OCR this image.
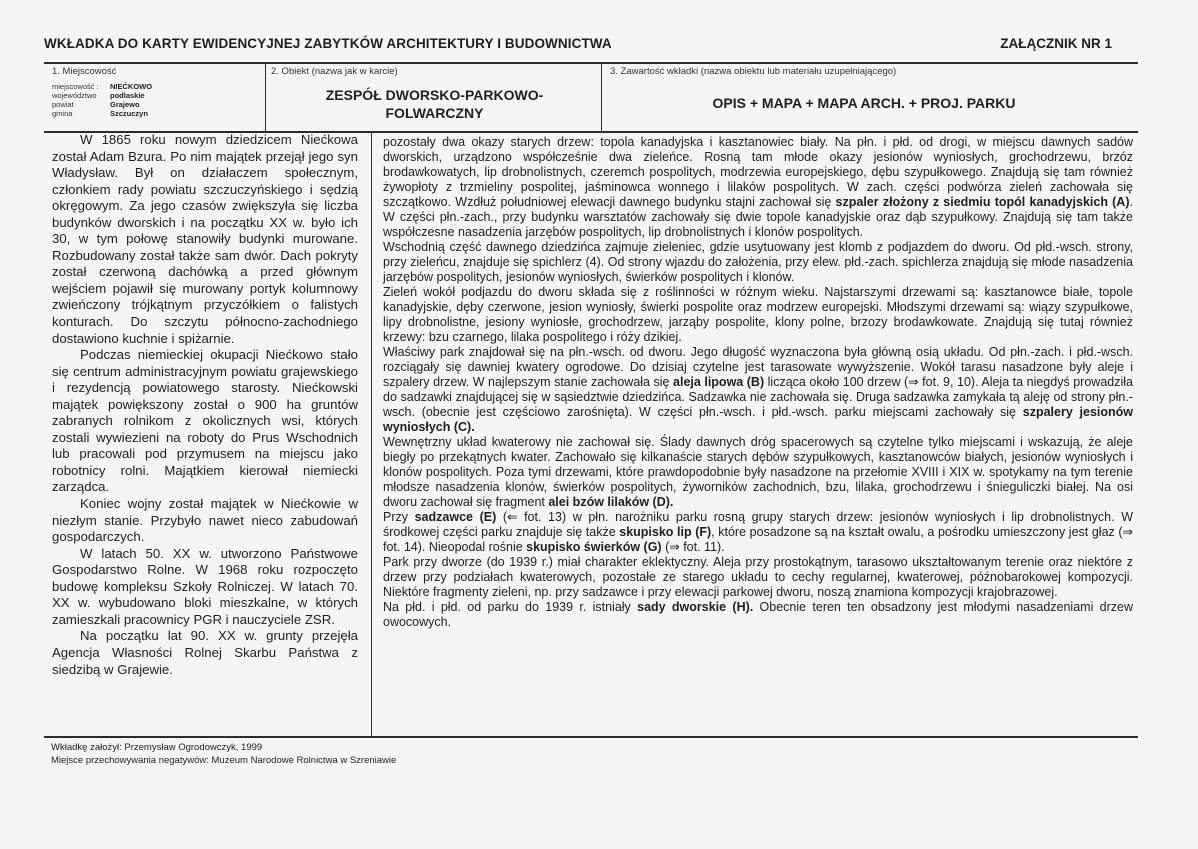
WKŁADKA DO KARTY EWIDENCYJNEJ ZABYTKÓW ARCHITEKTURY I BUDOWNICTWA	ZAŁĄCZNIK NR 1
1. Miejscowość
miejscowość :	NIEĆKOWO
województwo	podlaskie
powiat	Grajewo
gmina	Szczuczyn
2. Obiekt (nazwa jak w karcie)
ZESPÓŁ DWORSKO-PARKOWO-
FOLWARCZNY
3. Zawartość wkładki (nazwa obiektu lub materiału uzupełniającego)
OPIS + MAPA + MAPA ARCH. + PROJ. PARKU

W 1865 roku nowym dziedzicem Niećkowa został Adam Bzura. Po nim majątek przejął jego syn Władysław. Był on działaczem społecznym, członkiem rady powiatu szczuczyńskiego i sędzią okręgowym. Za jego czasów zwiększyła się liczba budynków dworskich i na początku XX w. było ich 30, w tym połowę stanowiły budynki murowane. Rozbudowany został także sam dwór. Dach pokryty został czerwoną dachówką a przed głównym wejściem pojawił się murowany portyk kolumnowy zwieńczony trójkątnym przyczółkiem o falistych konturach. Do szczytu północno-zachodniego dostawiono kuchnie i spiżarnie.

Podczas niemieckiej okupacji Niećkowo stało się centrum administracyjnym powiatu grajewskiego i rezydencją powiatowego starosty. Niećkowski majątek powiększony został o 900 ha gruntów zabranych rolnikom z okolicznych wsi, których zostali wywiezieni na roboty do Prus Wschodnich lub pracowali pod przymusem na miejscu jako robotnicy rolni. Majątkiem kierował niemiecki zarządca.

Koniec wojny został majątek w Niećkowie w niezłym stanie. Przybyło nawet nieco zabudowań gospodarczych.

W latach 50. XX w. utworzono Państwowe Gospodarstwo Rolne. W 1968 roku rozpoczęto budowę kompleksu Szkoły Rolniczej. W latach 70. XX w. wybudowano bloki mieszkalne, w których zamieszkali pracownicy PGR i nauczyciele ZSR.

Na początku lat 90. XX w. grunty przejęła Agencja Własności Rolnej Skarbu Państwa z siedzibą w Grajewie.

pozostały dwa okazy starych drzew: topola kanadyjska i kasztanowiec biały. Na płn. i płd. od drogi, w miejscu dawnych sadów dworskich, urządzono współcześnie dwa zieleńce. Rosną tam młode okazy jesionów wyniosłych, grochodrzewu, brzóz brodawkowatych, lip drobnolistnych, czeremch pospolitych, modrzewia europejskiego, dębu szypułkowego. Znajdują się tam również żywopłoty z trzmieliny pospolitej, jaśminowca wonnego i lilaków pospolitych. W zach. części podwórza zieleń zachowała się szczątkowo. Wzdłuż południowej elewacji dawnego budynku stajni zachował się szpaler złożony z siedmiu topól kanadyjskich (A). W części płn.-zach., przy budynku warsztatów zachowały się dwie topole kanadyjskie oraz dąb szypułkowy. Znajdują się tam także współczesne nasadzenia jarzębów pospolitych, lip drobnolistnych i klonów pospolitych.

Wschodnią część dawnego dziedzińca zajmuje zieleniec, gdzie usytuowany jest klomb z podjazdem do dworu. Od płd.-wsch. strony, przy zieleńcu, znajduje się spichlerz (4). Od strony wjazdu do założenia, przy elew. płd.-zach. spichlerza znajdują się młode nasadzenia jarzębów pospolitych, jesionów wyniosłych, świerków pospolitych i klonów.

Zieleń wokół podjazdu do dworu składa się z roślinności w różnym wieku. Najstarszymi drzewami są: kasztanowce białe, topole kanadyjskie, dęby czerwone, jesion wyniosły, świerki pospolite oraz modrzew europejski. Młodszymi drzewami są: wiązy szypułkowe, lipy drobnolistne, jesiony wyniosłe, grochodrzew, jarząby pospolite, klony polne, brzozy brodawkowate. Znajdują się tutaj również krzewy: bzu czarnego, lilaka pospolitego i róży dzikiej.

Właściwy park znajdował się na płn.-wsch. od dworu. Jego długość wyznaczona była główną osią układu. Od płn.-zach. i płd.-wsch. rozciągały się dawniej kwatery ogrodowe. Do dzisiaj czytelne jest tarasowate wywyższenie. Wokół tarasu nasadzone były aleje i szpalery drzew. W najlepszym stanie zachowała się aleja lipowa (B) licząca około 100 drzew (⇒ fot. 9, 10). Aleja ta niegdyś prowadziła do sadzawki znajdującej się w sąsiedztwie dziedzińca. Sadzawka nie zachowała się. Druga sadzawka zamykała tą aleję od strony płn.-wsch. (obecnie jest częściowo zarośnięta). W części płn.-wsch. i płd.-wsch. parku miejscami zachowały się szpalery jesionów wyniosłych (C).

Wewnętrzny układ kwaterowy nie zachował się. Ślady dawnych dróg spacerowych są czytelne tylko miejscami i wskazują, że aleje biegły po przekątnych kwater. Zachowało się kilkanaście starych dębów szypułkowych, kasztanowców białych, jesionów wyniosłych i klonów pospolitych. Poza tymi drzewami, które prawdopodobnie były nasadzone na przełomie XVIII i XIX w. spotykamy na tym terenie młodsze nasadzenia klonów, świerków pospolitych, żyworników zachodnich, bzu, lilaka, grochodrzewu i śnieguliczki białej. Na osi dworu zachował się fragment alei bzów lilaków (D).

Przy sadzawce (E) (⇐ fot. 13) w płn. narożniku parku rosną grupy starych drzew: jesionów wyniosłych i lip drobnolistnych. W środkowej części parku znajduje się także skupisko lip (F), które posadzone są na kształt owalu, a pośrodku umieszczony jest głaz (⇒ fot. 14). Nieopodal rośnie skupisko świerków (G) (⇒ fot. 11).

Park przy dworze (do 1939 r.) miał charakter eklektyczny. Aleja przy prostokątnym, tarasowo ukształtowanym terenie oraz niektóre z drzew przy podziałach kwaterowych, pozostałe ze starego układu to cechy regularnej, kwaterowej, późnobarokowej kompozycji. Niektóre fragmenty zieleni, np. przy sadzawce i przy elewacji parkowej dworu, noszą znamiona kompozycji krajobrazowej.

Na płd. i płd. od parku do 1939 r. istniały sady dworskie (H). Obecnie teren ten obsadzony jest młodymi nasadzeniami drzew owocowych.

Wkładkę założył: Przemysław Ogrodowczyk, 1999
Miejsce przechowywania negatywów: Muzeum Narodowe Rolnictwa w Szreniawie
